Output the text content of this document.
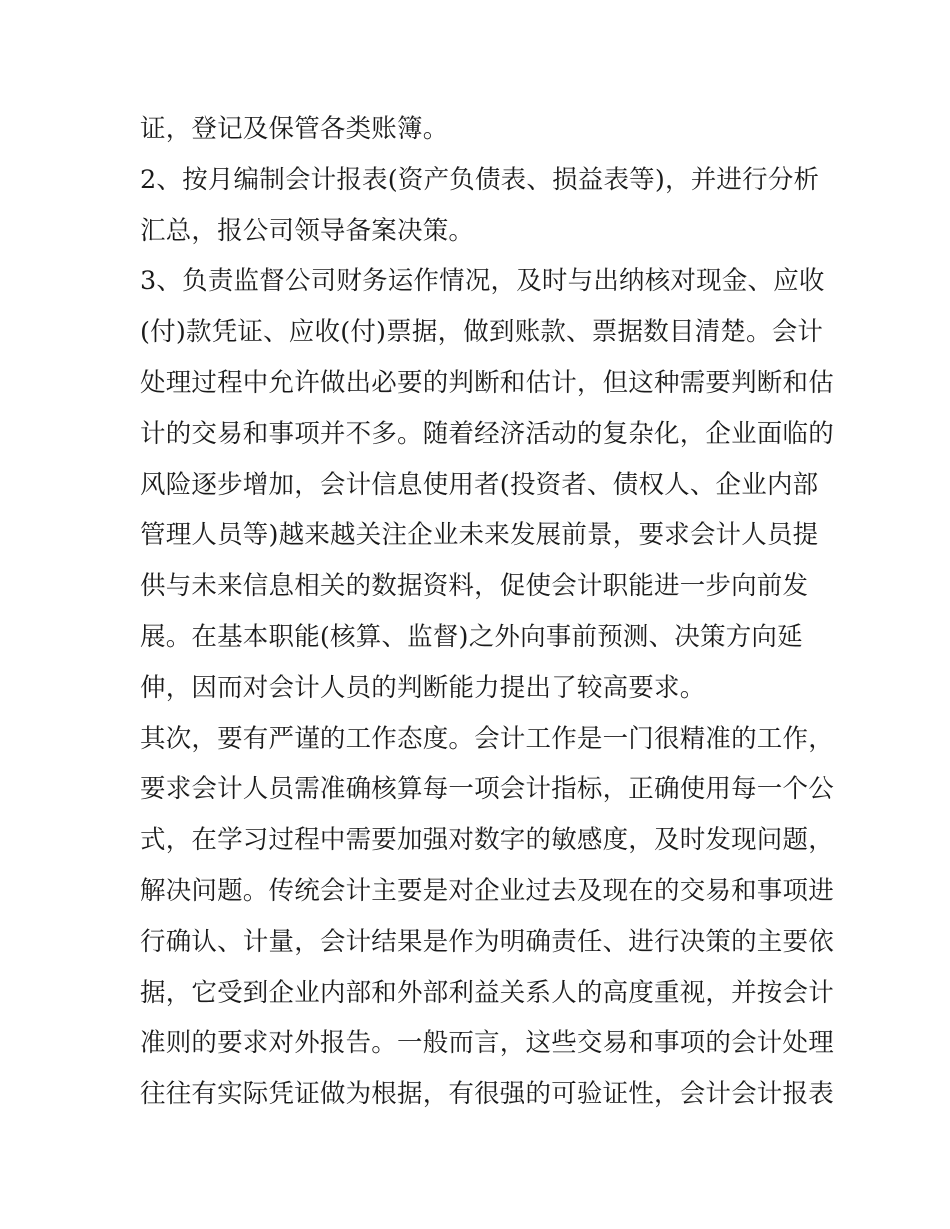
证，登记及保管各类账簿。
2、按月编制会计报表(资产负债表、损益表等)，并进行分析
汇总，报公司领导备案决策。
3、负责监督公司财务运作情况，及时与出纳核对现金、应收
(付)款凭证、应收(付)票据，做到账款、票据数目清楚。会计
处理过程中允许做出必要的判断和估计，但这种需要判断和估
计的交易和事项并不多。随着经济活动的复杂化，企业面临的
风险逐步增加，会计信息使用者(投资者、债权人、企业内部
管理人员等)越来越关注企业未来发展前景，要求会计人员提
供与未来信息相关的数据资料，促使会计职能进一步向前发
展。在基本职能(核算、监督)之外向事前预测、决策方向延
伸，因而对会计人员的判断能力提出了较高要求。
其次，要有严谨的工作态度。会计工作是一门很精准的工作，
要求会计人员需准确核算每一项会计指标，正确使用每一个公
式，在学习过程中需要加强对数字的敏感度，及时发现问题，
解决问题。传统会计主要是对企业过去及现在的交易和事项进
行确认、计量，会计结果是作为明确责任、进行决策的主要依
据，它受到企业内部和外部利益关系人的高度重视，并按会计
准则的要求对外报告。一般而言，这些交易和事项的会计处理
往往有实际凭证做为根据，有很强的可验证性，会计会计报表
